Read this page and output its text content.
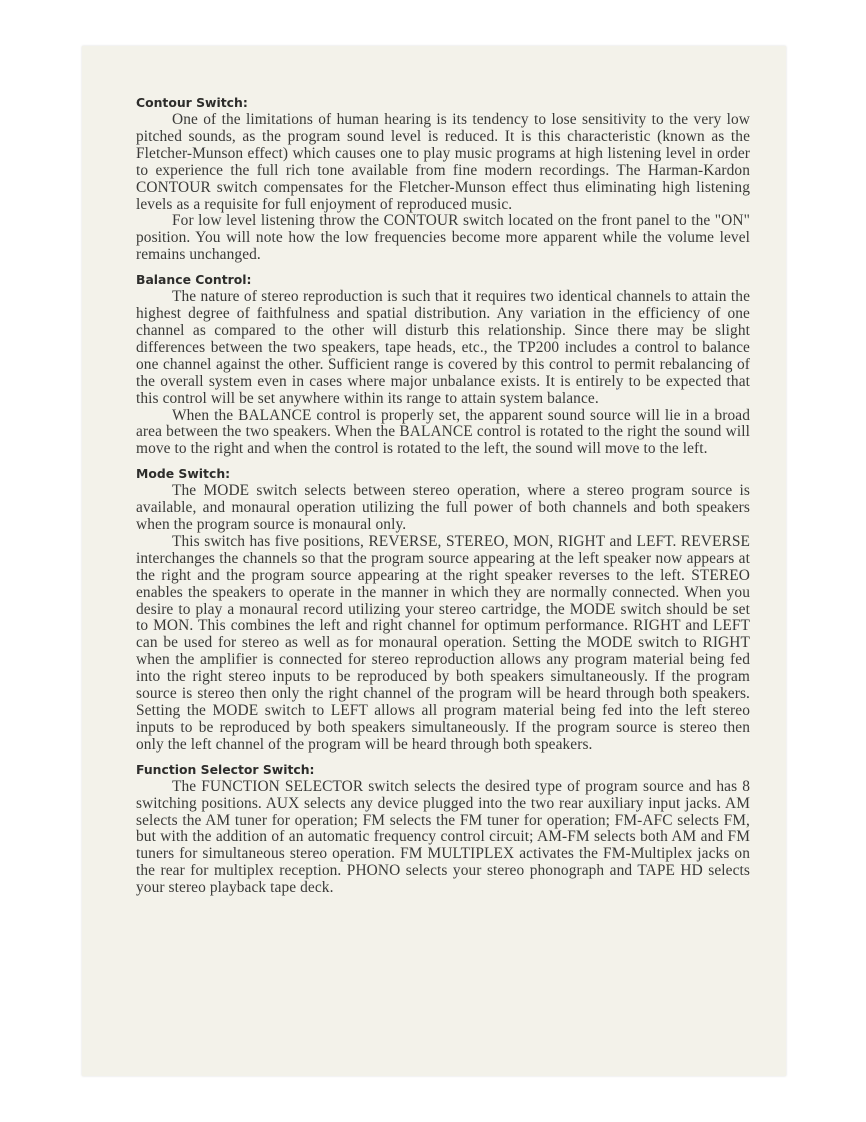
Contour Switch:

One of the limitations of human hearing is its tendency to lose sensitivity to the very low pitched sounds, as the program sound level is reduced. It is this characteristic (known as the Fletcher-Munson effect) which causes one to play music programs at high listening level in order to experience the full rich tone available from fine modern recordings. The Harman-Kardon CONTOUR switch compensates for the Fletcher-Munson effect thus eliminating high listening levels as a requisite for full enjoyment of reproduced music.

For low level listening throw the CONTOUR switch located on the front panel to the "ON" position. You will note how the low frequencies become more apparent while the volume level remains unchanged.

Balance Control:

The nature of stereo reproduction is such that it requires two identical channels to attain the highest degree of faithfulness and spatial distribution. Any variation in the efficiency of one channel as compared to the other will disturb this relationship. Since there may be slight differences between the two speakers, tape heads, etc., the TP200 includes a control to balance one channel against the other. Sufficient range is covered by this control to permit rebalancing of the overall system even in cases where major unbalance exists. It is entirely to be expected that this control will be set anywhere within its range to attain system balance.

When the BALANCE control is properly set, the apparent sound source will lie in a broad area between the two speakers. When the BALANCE control is rotated to the right the sound will move to the right and when the control is rotated to the left, the sound will move to the left.

Mode Switch:

The MODE switch selects between stereo operation, where a stereo program source is available, and monaural operation utilizing the full power of both channels and both speakers when the program source is monaural only.

This switch has five positions, REVERSE, STEREO, MON, RIGHT and LEFT. REVERSE interchanges the channels so that the program source appearing at the left speaker now appears at the right and the program source appearing at the right speaker reverses to the left. STEREO enables the speakers to operate in the manner in which they are normally connected. When you desire to play a monaural record utilizing your stereo cartridge, the MODE switch should be set to MON. This combines the left and right channel for optimum performance. RIGHT and LEFT can be used for stereo as well as for monaural operation. Setting the MODE switch to RIGHT when the amplifier is connected for stereo reproduction allows any program material being fed into the right stereo inputs to be reproduced by both speakers simultaneously. If the program source is stereo then only the right channel of the program will be heard through both speakers. Setting the MODE switch to LEFT allows all program material being fed into the left stereo inputs to be reproduced by both speakers simultaneously. If the program source is stereo then only the left channel of the program will be heard through both speakers.

Function Selector Switch:

The FUNCTION SELECTOR switch selects the desired type of program source and has 8 switching positions. AUX selects any device plugged into the two rear auxiliary input jacks. AM selects the AM tuner for operation; FM selects the FM tuner for operation; FM-AFC selects FM, but with the addition of an automatic frequency control circuit; AM-FM selects both AM and FM tuners for simultaneous stereo operation. FM MULTIPLEX activates the FM-Multiplex jacks on the rear for multiplex reception. PHONO selects your stereo phonograph and TAPE HD selects your stereo playback tape deck.
